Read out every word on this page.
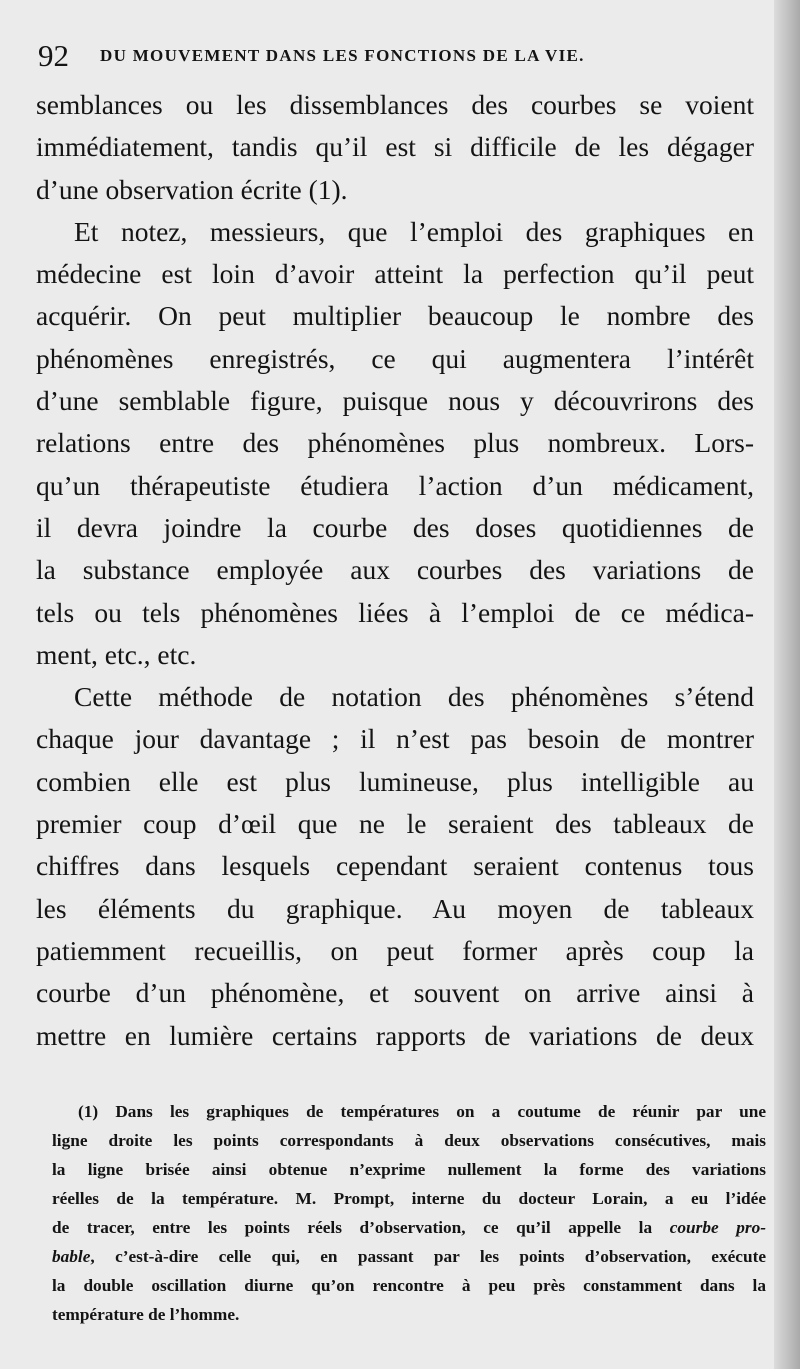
92 DU MOUVEMENT DANS LES FONCTIONS DE LA VIE.
semblances ou les dissemblances des courbes se voient
immédiatement, tandis qu’il est si difficile de les dégager
d’une observation écrite (1).
Et notez, messieurs, que l’emploi des graphiques en
médecine est loin d’avoir atteint la perfection qu’il peut
acquérir. On peut multiplier beaucoup le nombre des
phénomènes enregistrés, ce qui augmentera l’intérêt
d’une semblable figure, puisque nous y découvrirons des
relations entre des phénomènes plus nombreux. Lors-
qu’un thérapeutiste étudiera l’action d’un médicament,
il devra joindre la courbe des doses quotidiennes de
la substance employée aux courbes des variations de
tels ou tels phénomènes liées à l’emploi de ce médica-
ment, etc., etc.
Cette méthode de notation des phénomènes s’étend
chaque jour davantage ; il n’est pas besoin de montrer
combien elle est plus lumineuse, plus intelligible au
premier coup d’œil que ne le seraient des tableaux de
chiffres dans lesquels cependant seraient contenus tous
les éléments du graphique. Au moyen de tableaux
patiemment recueillis, on peut former après coup la
courbe d’un phénomène, et souvent on arrive ainsi à
mettre en lumière certains rapports de variations de deux
(1) Dans les graphiques de températures on a coutume de réunir par une
ligne droite les points correspondants à deux observations consécutives, mais
la ligne brisée ainsi obtenue n’exprime nullement la forme des variations
réelles de la température. M. Prompt, interne du docteur Lorain, a eu l’idée
de tracer, entre les points réels d’observation, ce qu’il appelle la courbe pro-
bable, c’est-à-dire celle qui, en passant par les points d’observation, exécute
la double oscillation diurne qu’on rencontre à peu près constamment dans la
température de l’homme.
